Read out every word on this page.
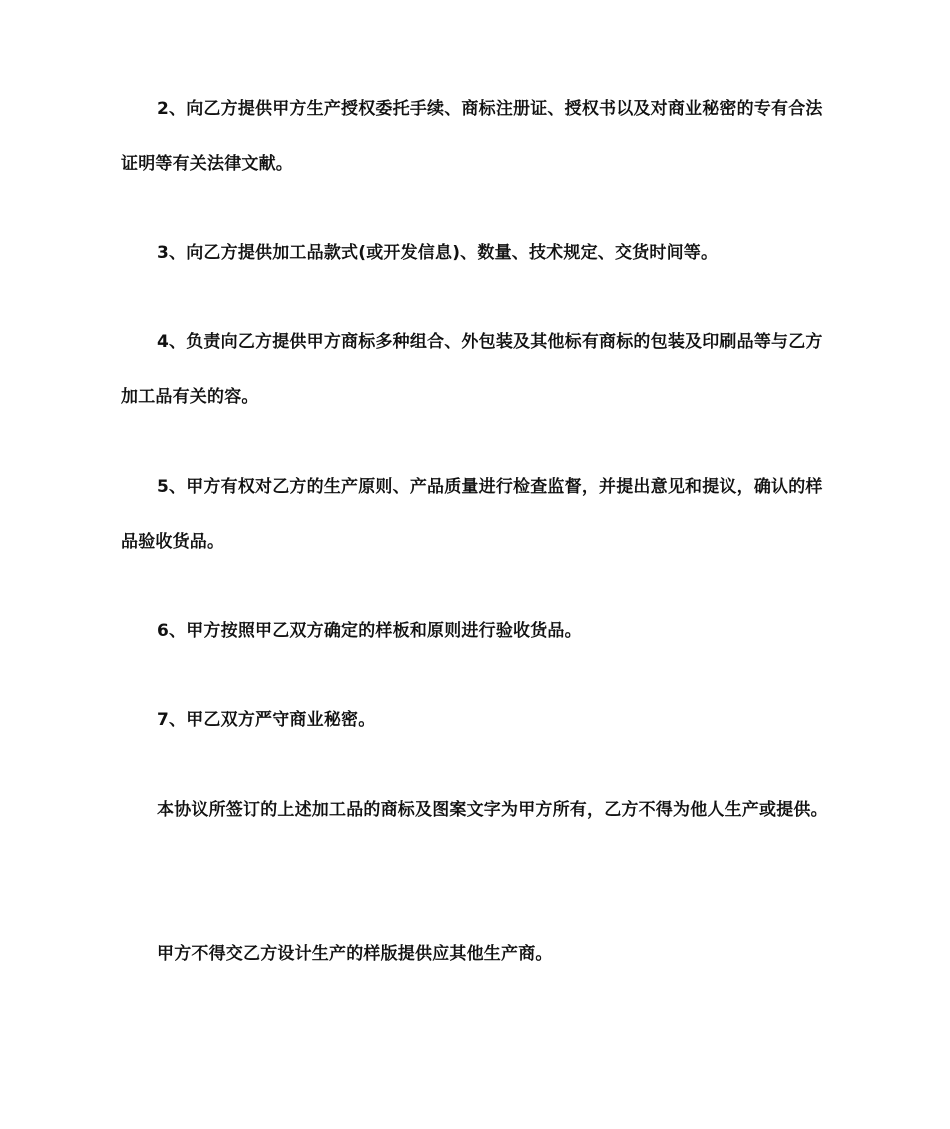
2、向乙方提供甲方生产授权委托手续、商标注册证、授权书以及对商业秘密的专有合法证明等有关法律文献。

3、向乙方提供加工品款式(或开发信息)、数量、技术规定、交货时间等。

4、负责向乙方提供甲方商标多种组合、外包装及其他标有商标的包装及印刷品等与乙方加工品有关的容。

5、甲方有权对乙方的生产原则、产品质量进行检查监督，并提出意见和提议，确认的样品验收货品。

6、甲方按照甲乙双方确定的样板和原则进行验收货品。

7、甲乙双方严守商业秘密。

本协议所签订的上述加工品的商标及图案文字为甲方所有，乙方不得为他人生产或提供。

甲方不得交乙方设计生产的样版提供应其他生产商。
